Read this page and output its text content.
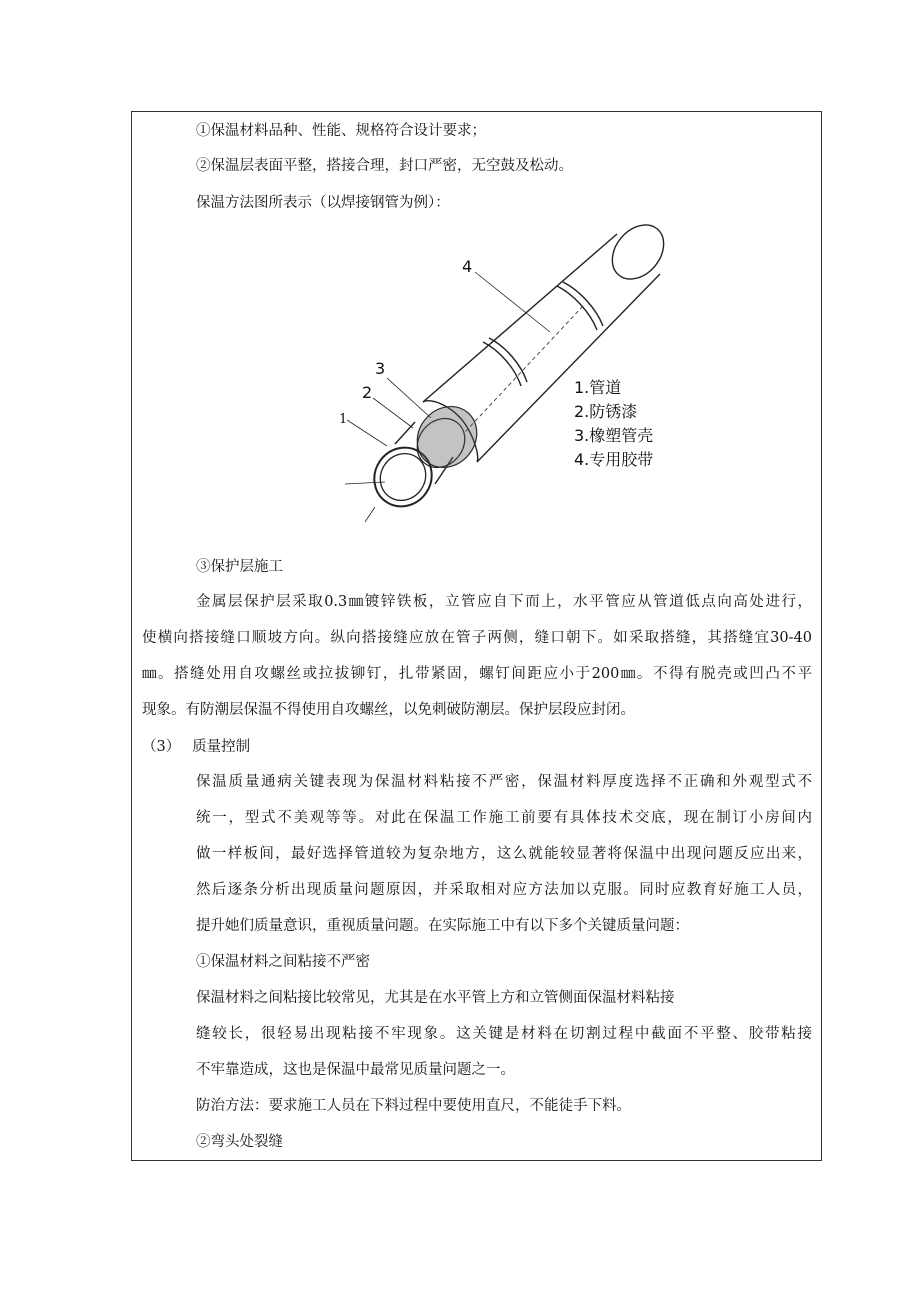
①保温材料品种、性能、规格符合设计要求；
②保温层表面平整，搭接合理，封口严密，无空鼓及松动。
保温方法图所表示（以焊接钢管为例）：
4
3
2
1
1.管道
2.防锈漆
3.橡塑管壳
4.专用胶带
③保护层施工
金属层保护层采取0.3㎜镀锌铁板，立管应自下而上，水平管应从管道低点向高处进行，
使横向搭接缝口顺坡方向。纵向搭接缝应放在管子两侧，缝口朝下。如采取搭缝，其搭缝宜30-40
㎜。搭缝处用自攻螺丝或拉拔铆钉，扎带紧固，螺钉间距应小于200㎜。不得有脱壳或凹凸不平
现象。有防潮层保温不得使用自攻螺丝，以免刺破防潮层。保护层段应封闭。
（3）　 质量控制
保温质量通病关键表现为保温材料粘接不严密，保温材料厚度选择不正确和外观型式不
统一，型式不美观等等。对此在保温工作施工前要有具体技术交底，现在制订小房间内
做一样板间，最好选择管道较为复杂地方，这么就能较显著将保温中出现问题反应出来，
然后逐条分析出现质量问题原因，并采取相对应方法加以克服。同时应教育好施工人员，
提升她们质量意识，重视质量问题。在实际施工中有以下多个关键质量问题：
①保温材料之间粘接不严密
保温材料之间粘接比较常见，尤其是在水平管上方和立管侧面保温材料粘接
缝较长，很轻易出现粘接不牢现象。这关键是材料在切割过程中截面不平整、胶带粘接
不牢靠造成，这也是保温中最常见质量问题之一。
防治方法：要求施工人员在下料过程中要使用直尺，不能徒手下料。
②弯头处裂缝
